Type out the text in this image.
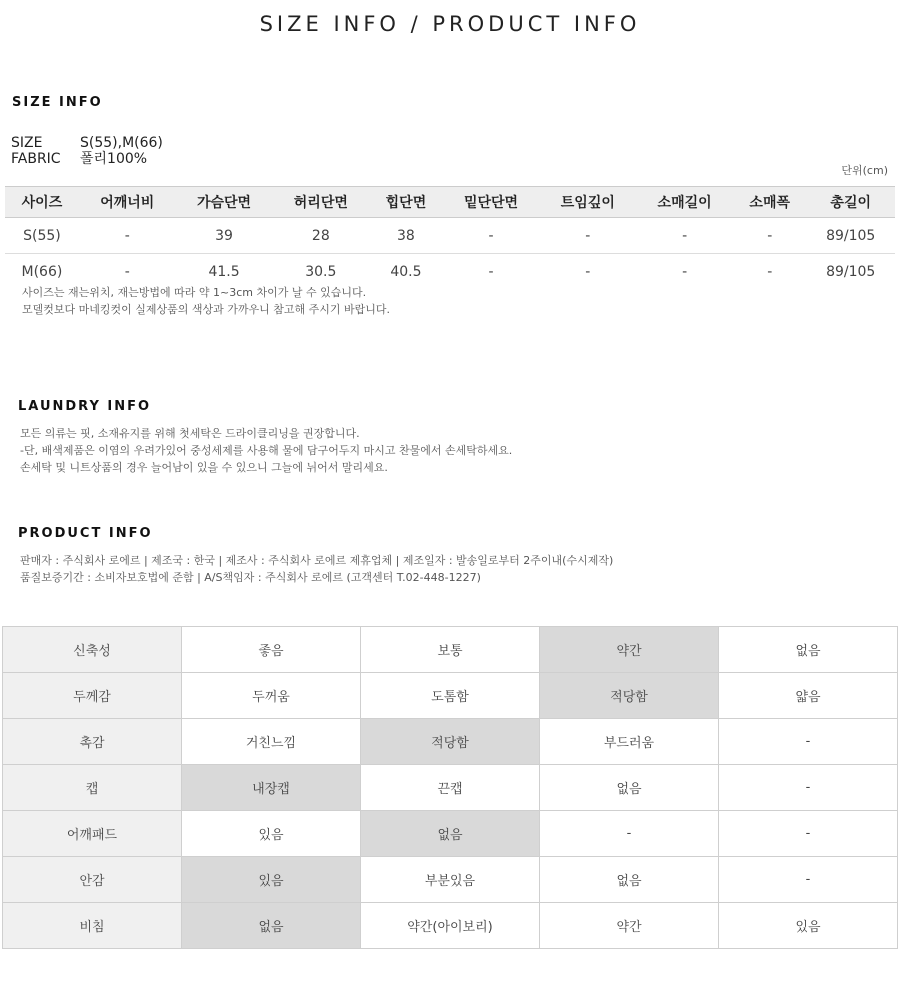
SIZE INFO / PRODUCT INFO
SIZE INFO
SIZE	S(55),M(66)
FABRIC 폴리100%
단위(cm)
사이즈	어깨너비	가슴단면	허리단면	힙단면	밑단단면	트임깊이	소매길이	소매폭	총길이
S(55)	-	39	28	38	-	-	-	-	89/105
M(66)	-	41.5	30.5	40.5	-	-	-	-	89/105
사이즈는 재는위치, 재는방법에 따라 약 1~3cm 차이가 날 수 있습니다.
모델컷보다 마네킹컷이 실제상품의 색상과 가까우니 참고해 주시기 바랍니다.
LAUNDRY INFO
모든 의류는 핏, 소재유지를 위해 첫세탁은 드라이클리닝을 권장합니다.
-단, 배색제품은 이염의 우려가있어 중성세제를 사용해 물에 담구어두지 마시고 찬물에서 손세탁하세요.
손세탁 및 니트상품의 경우 늘어남이 있을 수 있으니 그늘에 뉘어서 말리세요.
PRODUCT INFO
판매자 : 주식회사 로에르 | 제조국 : 한국 | 제조사 : 주식회사 로에르 제휴업체 | 제조일자 : 발송일로부터 2주이내(수시제작)
품질보증기간 : 소비자보호법에 준함 | A/S책임자 : 주식회사 로에르 (고객센터 T.02-448-1227)
신축성	좋음	보통	약간	없음
두께감	두꺼움	도톰함	적당함	얇음
촉감	거친느낌	적당함	부드러움	-
캡	내장캡	끈캡	없음	-
어깨패드	있음	없음	-	-
안감	있음	부분있음	없음	-
비침	없음	약간(아이보리)	약간	있음
